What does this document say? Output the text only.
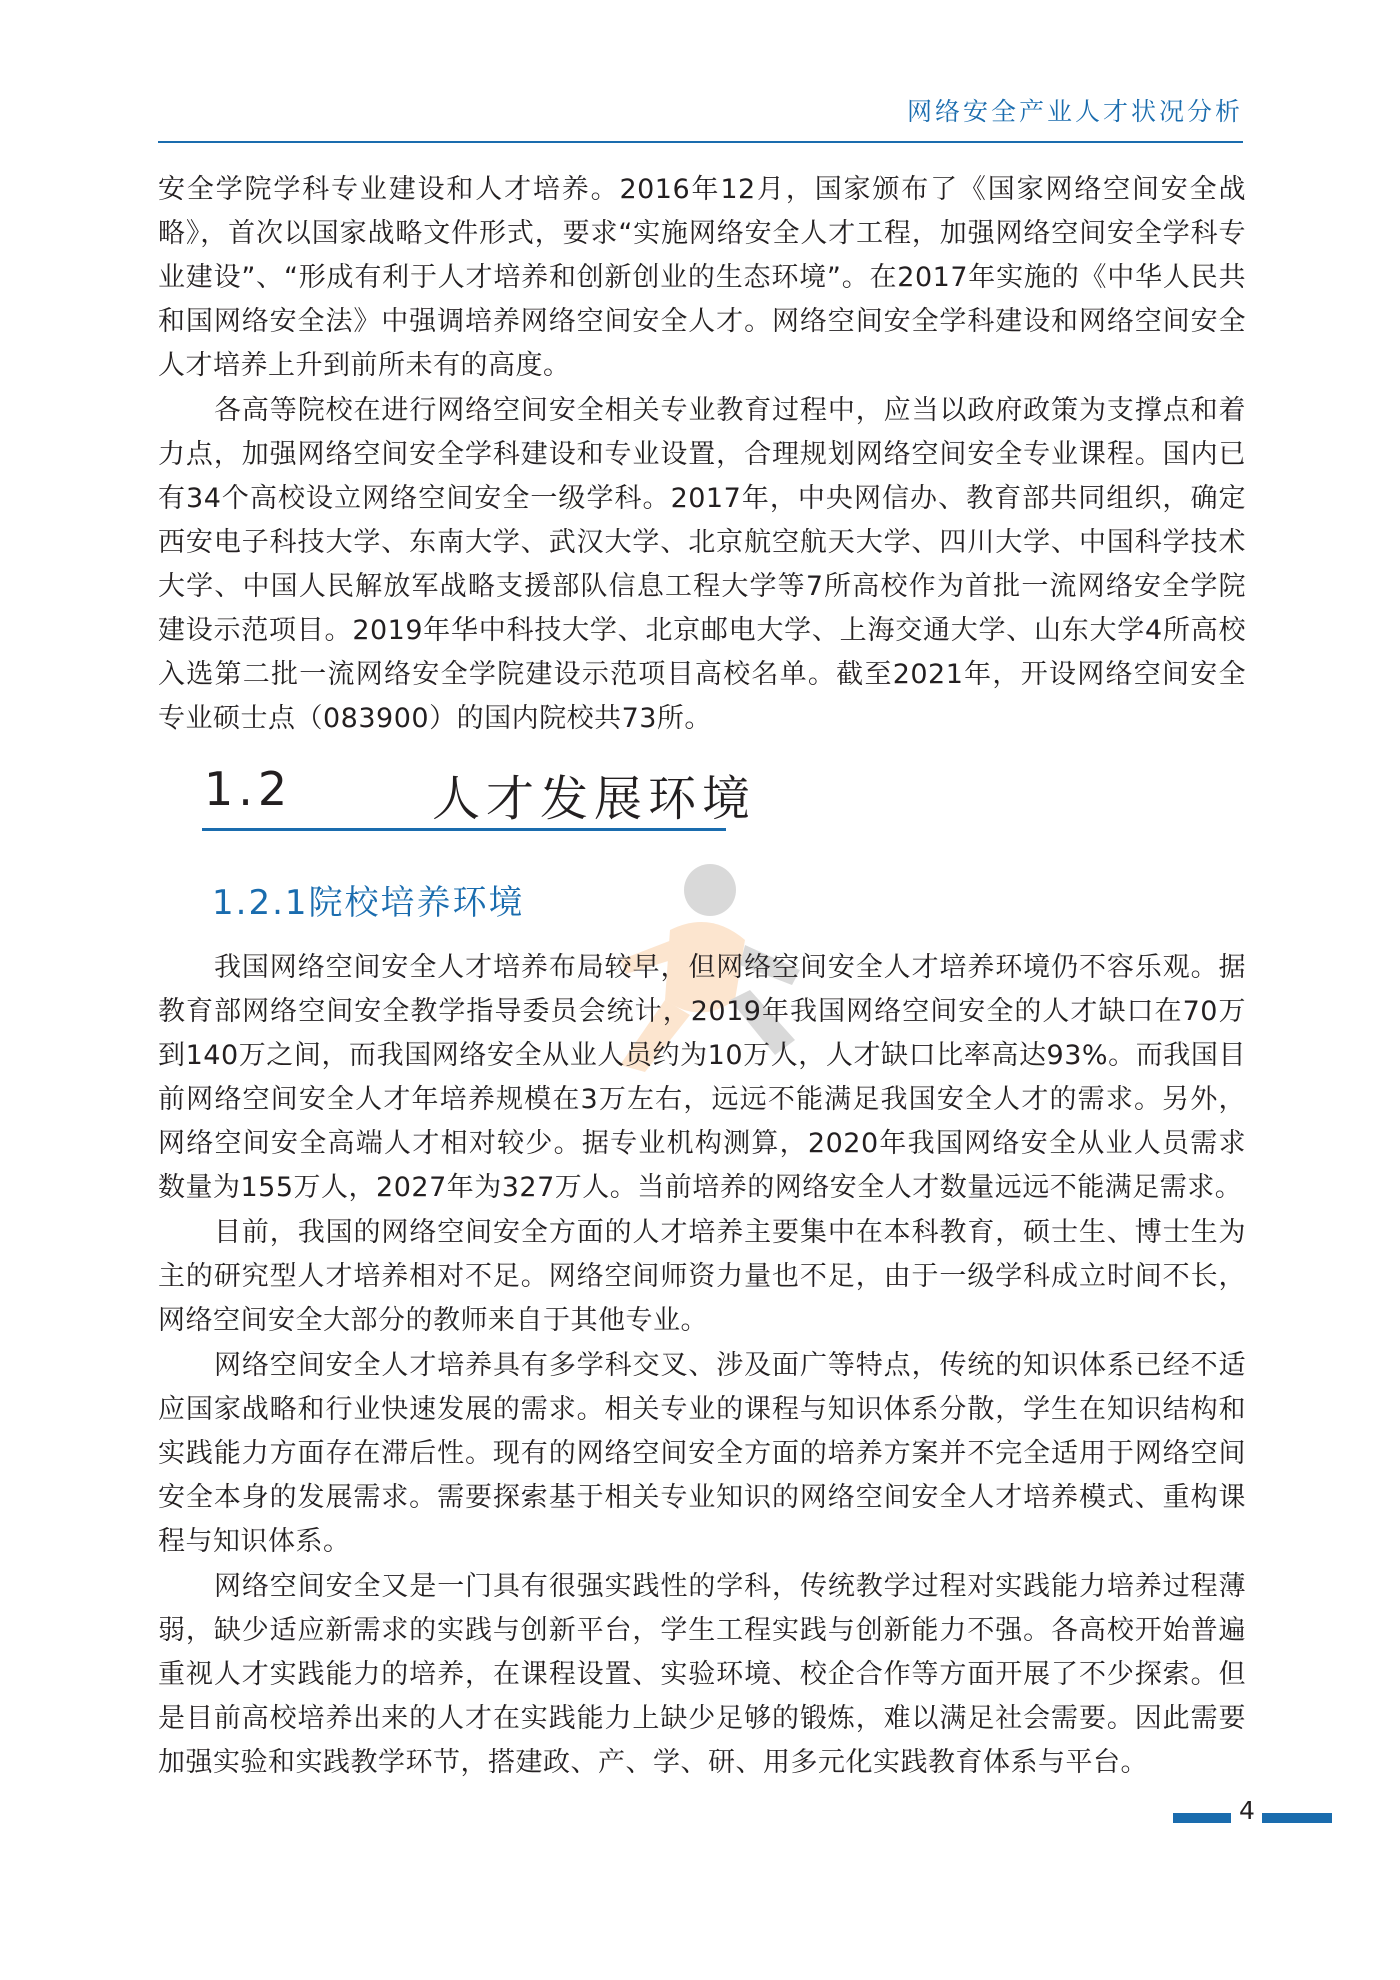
网络安全产业人才状况分析

安全学院学科专业建设和人才培养。2016年12月，国家颁布了《国家网络空间安全战略》，首次以国家战略文件形式，要求“实施网络安全人才工程，加强网络空间安全学科专业建设”、“形成有利于人才培养和创新创业的生态环境”。在2017年实施的《中华人民共和国网络安全法》中强调培养网络空间安全人才。网络空间安全学科建设和网络空间安全人才培养上升到前所未有的高度。

各高等院校在进行网络空间安全相关专业教育过程中，应当以政府政策为支撑点和着力点，加强网络空间安全学科建设和专业设置，合理规划网络空间安全专业课程。国内已有34个高校设立网络空间安全一级学科。2017年，中央网信办、教育部共同组织，确定西安电子科技大学、东南大学、武汉大学、北京航空航天大学、四川大学、中国科学技术大学、中国人民解放军战略支援部队信息工程大学等7所高校作为首批一流网络安全学院建设示范项目。2019年华中科技大学、北京邮电大学、上海交通大学、山东大学4所高校入选第二批一流网络安全学院建设示范项目高校名单。截至2021年，开设网络空间安全专业硕士点（083900）的国内院校共73所。

1.2	人才发展环境
1.2.1院校培养环境

我国网络空间安全人才培养布局较早，但网络空间安全人才培养环境仍不容乐观。据教育部网络空间安全教学指导委员会统计，2019年我国网络空间安全的人才缺口在70万到140万之间，而我国网络安全从业人员约为10万人，人才缺口比率高达93%。而我国目前网络空间安全人才年培养规模在3万左右，远远不能满足我国安全人才的需求。另外，网络空间安全高端人才相对较少。据专业机构测算，2020年我国网络安全从业人员需求数量为155万人，2027年为327万人。当前培养的网络安全人才数量远远不能满足需求。

目前，我国的网络空间安全方面的人才培养主要集中在本科教育，硕士生、博士生为主的研究型人才培养相对不足。网络空间师资力量也不足，由于一级学科成立时间不长，网络空间安全大部分的教师来自于其他专业。

网络空间安全人才培养具有多学科交叉、涉及面广等特点，传统的知识体系已经不适应国家战略和行业快速发展的需求。相关专业的课程与知识体系分散，学生在知识结构和实践能力方面存在滞后性。现有的网络空间安全方面的培养方案并不完全适用于网络空间安全本身的发展需求。需要探索基于相关专业知识的网络空间安全人才培养模式、重构课程与知识体系。

网络空间安全又是一门具有很强实践性的学科，传统教学过程对实践能力培养过程薄弱，缺少适应新需求的实践与创新平台，学生工程实践与创新能力不强。各高校开始普遍重视人才实践能力的培养，在课程设置、实验环境、校企合作等方面开展了不少探索。但是目前高校培养出来的人才在实践能力上缺少足够的锻炼，难以满足社会需要。因此需要加强实验和实践教学环节，搭建政、产、学、研、用多元化实践教育体系与平台。

4
